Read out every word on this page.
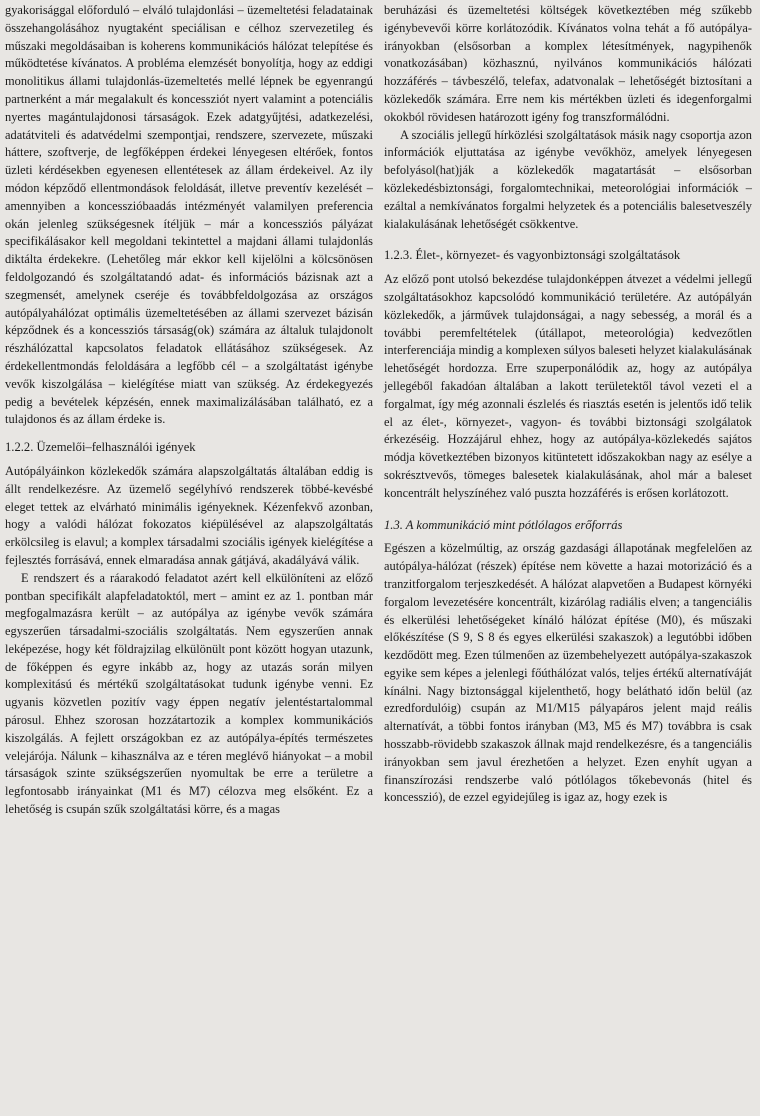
gyakorisággal előforduló – elváló tulajdonlási – üzemeltetési feladatainak összehangolásához nyugtaként speciálisan e célhoz szervezetileg és műszaki megoldásaiban is koherens kommunikációs hálózat telepítése és működtetése kívánatos. A probléma elemzését bonyolítja, hogy az eddigi monolitikus állami tulajdonlás-üzemeltetés mellé lépnek be egyenrangú partnerként a már megalakult és koncessziót nyert valamint a potenciális nyertes magántulajdonosi társaságok. Ezek adatgyűjtési, adatkezelési, adatátviteli és adatvédelmi szempontjai, rendszere, szervezete, műszaki háttere, szoftverje, de legfőképpen érdekei lényegesen eltérőek, fontos üzleti kérdésekben egyenesen ellentétesek az állam érdekeivel. Az ily módon képződő ellentmondások feloldását, illetve preventív kezelését – amennyiben a koncesszióbaadás intézményét valamilyen preferencia okán jelenleg szükségesnek ítéljük – már a koncessziós pályázat specifikálásakor kell megoldani tekintettel a majdani állami tulajdonlás diktálta érdekekre. (Lehetőleg már ekkor kell kijelölni a kölcsönösen feldolgozandó és szolgáltatandó adat- és információs bázisnak azt a szegmensét, amelynek cseréje és továbbfeldolgozása az országos autópályahálózat optimális üzemeltetésében az állami szervezet bázisán képződnek és a koncessziós társaság(ok) számára az általuk tulajdonolt részhálózattal kapcsolatos feladatok ellátásához szükségesek. Az érdekellentmondás feloldására a legfőbb cél – a szolgáltatást igénybe vevők kiszolgálása – kielégítése miatt van szükség. Az érdekegyezés pedig a bevételek képzésén, ennek maximalizálásában található, ez a tulajdonos és az állam érdeke is.

1.2.2. Üzemelői–felhasználói igények

Autópályáinkon közlekedők számára alapszolgáltatás általában eddig is állt rendelkezésre. Az üzemelő segélyhívó rendszerek többé-kevésbé eleget tettek az elvárható minimális igényeknek. Kézenfekvő azonban, hogy a valódi hálózat fokozatos kiépülésével az alapszolgáltatás erkölcsileg is elavul; a komplex társadalmi szociális igények kielégítése a fejlesztés forrásává, ennek elmaradása annak gátjává, akadályává válik.

E rendszert és a ráarakodó feladatot azért kell elkülöníteni az előző pontban specifikált alapfeladatoktól, mert – amint ez az 1. pontban már megfogalmazásra került – az autópálya az igénybe vevők számára egyszerűen társadalmi-szociális szolgáltatás. Nem egyszerűen annak leképezése, hogy két földrajzilag elkülönült pont között hogyan utazunk, de főképpen és egyre inkább az, hogy az utazás során milyen komplexitású és mértékű szolgáltatásokat tudunk igénybe venni. Ez ugyanis közvetlen pozitív vagy éppen negatív jelentéstartalommal párosul. Ehhez szorosan hozzátartozik a komplex kommunikációs kiszolgálás. A fejlett országokban ez az autópálya-építés természetes velejárója. Nálunk – kihasználva az e téren meglévő hiányokat – a mobil társaságok szinte szükségszerűen nyomultak be erre a területre a legfontosabb irányainkat (M1 és M7) célozva meg elsőként. Ez a lehetőség is csupán szűk szolgáltatási körre, és a magas

beruházási és üzemeltetési költségek következtében még szűkebb igénybevevői körre korlátozódik. Kívánatos volna tehát a fő autópálya-irányokban (elsősorban a komplex létesítmények, nagypihenők vonatkozásában) közhasznú, nyilvános kommunikációs hálózati hozzáférés – távbeszélő, telefax, adatvonalak – lehetőségét biztosítani a közlekedők számára. Erre nem kis mértékben üzleti és idegenforgalmi okokból rövidesen határozott igény fog transzformálódni.

A szociális jellegű hírközlési szolgáltatások másik nagy csoportja azon információk eljuttatása az igénybe vevőkhöz, amelyek lényegesen befolyásol(hat)ják a közlekedők magatartását – elsősorban közlekedésbiztonsági, forgalomtechnikai, meteorológiai információk – ezáltal a nemkívánatos forgalmi helyzetek és a potenciális balesetveszély kialakulásának lehetőségét csökkentve.

1.2.3. Élet-, környezet- és vagyonbiztonsági szolgáltatások

Az előző pont utolsó bekezdése tulajdonképpen átvezet a védelmi jellegű szolgáltatásokhoz kapcsolódó kommunikáció területére. Az autópályán közlekedők, a járművek tulajdonságai, a nagy sebesség, a morál és a további peremfeltételek (útállapot, meteorológia) kedvezőtlen interferenciája mindig a komplexen súlyos baleseti helyzet kialakulásának lehetőségét hordozza. Erre szuperponálódik az, hogy az autópálya jellegéből fakadóan általában a lakott területektől távol vezeti el a forgalmat, így még azonnali észlelés és riasztás esetén is jelentős idő telik el az élet-, környezet-, vagyon- és további biztonsági szolgálatok érkezéséig. Hozzájárul ehhez, hogy az autópálya-közlekedés sajátos módja következtében bizonyos kitüntetett időszakokban nagy az esélye a sokrésztvevős, tömeges balesetek kialakulásának, ahol már a baleset koncentrált helyszínéhez való puszta hozzáférés is erősen korlátozott.

1.3. A kommunikáció mint pótlólagos erőforrás

Egészen a közelmúltig, az ország gazdasági állapotának megfelelően az autópálya-hálózat (részek) építése nem követte a hazai motorizáció és a tranzitforgalom terjeszkedését. A hálózat alapvetően a Budapest környéki forgalom levezetésére koncentrált, kizárólag radiális elven; a tangenciális és elkerülési lehetőségeket kínáló hálózat építése (M0), és műszaki előkészítése (S 9, S 8 és egyes elkerülési szakaszok) a legutóbbi időben kezdődött meg. Ezen túlmenően az üzembehelyezett autópálya-szakaszok egyike sem képes a jelenlegi főúthálózat valós, teljes értékű alternatíváját kínálni. Nagy biztonsággal kijelenthető, hogy belátható időn belül (az ezredfordulóig) csupán az M1/M15 pályapáros jelent majd reális alternatívát, a többi fontos irányban (M3, M5 és M7) továbbra is csak hosszabb-rövidebb szakaszok állnak majd rendelkezésre, és a tangenciális irányokban sem javul érezhetően a helyzet. Ezen enyhít ugyan a finanszírozási rendszerbe való pótlólagos tőkebevonás (hitel és koncesszió), de ezzel egyidejűleg is igaz az, hogy ezek is
